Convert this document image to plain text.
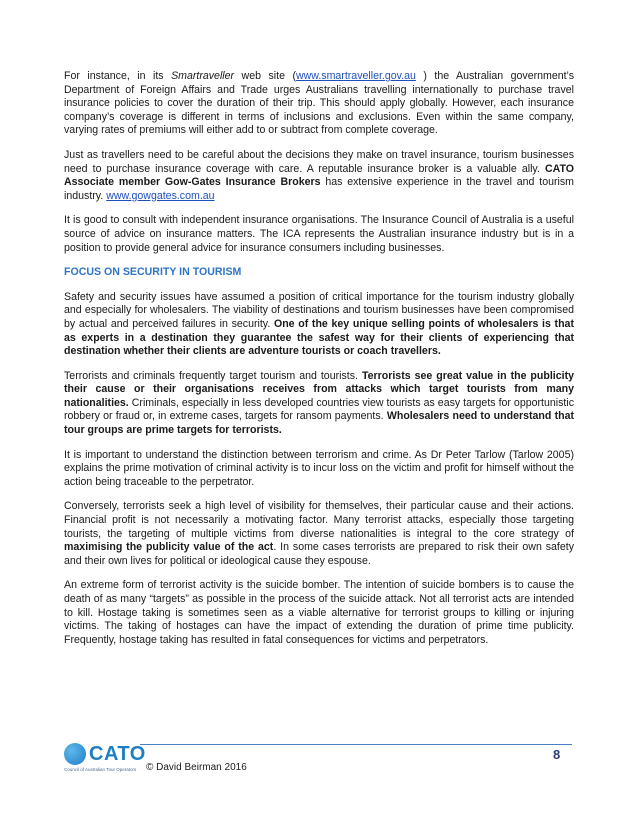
For instance, in its Smartraveller web site (www.smartraveller.gov.au ) the Australian government’s Department of Foreign Affairs and Trade urges Australians travelling internationally to purchase travel insurance policies to cover the duration of their trip. This should apply globally. However, each insurance company’s coverage is different in terms of inclusions and exclusions. Even within the same company, varying rates of premiums will either add to or subtract from complete coverage.

Just as travellers need to be careful about the decisions they make on travel insurance, tourism businesses need to purchase insurance coverage with care. A reputable insurance broker is a valuable ally. CATO Associate member Gow-Gates Insurance Brokers has extensive experience in the travel and tourism industry. www.gowgates.com.au

It is good to consult with independent insurance organisations. The Insurance Council of Australia is a useful source of advice on insurance matters. The ICA represents the Australian insurance industry but is in a position to provide general advice for insurance consumers including businesses.

FOCUS ON SECURITY IN TOURISM

Safety and security issues have assumed a position of critical importance for the tourism industry globally and especially for wholesalers. The viability of destinations and tourism businesses have been compromised by actual and perceived failures in security. One of the key unique selling points of wholesalers is that as experts in a destination they guarantee the safest way for their clients of experiencing that destination whether their clients are adventure tourists or coach travellers.

Terrorists and criminals frequently target tourism and tourists. Terrorists see great value in the publicity their cause or their organisations receives from attacks which target tourists from many nationalities. Criminals, especially in less developed countries view tourists as easy targets for opportunistic robbery or fraud or, in extreme cases, targets for ransom payments. Wholesalers need to understand that tour groups are prime targets for terrorists.

It is important to understand the distinction between terrorism and crime. As Dr Peter Tarlow (Tarlow 2005) explains the prime motivation of criminal activity is to incur loss on the victim and profit for himself without the action being traceable to the perpetrator.

Conversely, terrorists seek a high level of visibility for themselves, their particular cause and their actions. Financial profit is not necessarily a motivating factor. Many terrorist attacks, especially those targeting tourists, the targeting of multiple victims from diverse nationalities is integral to the core strategy of maximising the publicity value of the act. In some cases terrorists are prepared to risk their own safety and their own lives for political or ideological cause they espouse.

An extreme form of terrorist activity is the suicide bomber. The intention of suicide bombers is to cause the death of as many “targets” as possible in the process of the suicide attack. Not all terrorist acts are intended to kill. Hostage taking is sometimes seen as a viable alternative for terrorist groups to killing or injuring victims. The taking of hostages can have the impact of extending the duration of prime time publicity. Frequently, hostage taking has resulted in fatal consequences for victims and perpetrators.

CATO
Council of Australian Tour Operators
8
© David Beirman 2016
